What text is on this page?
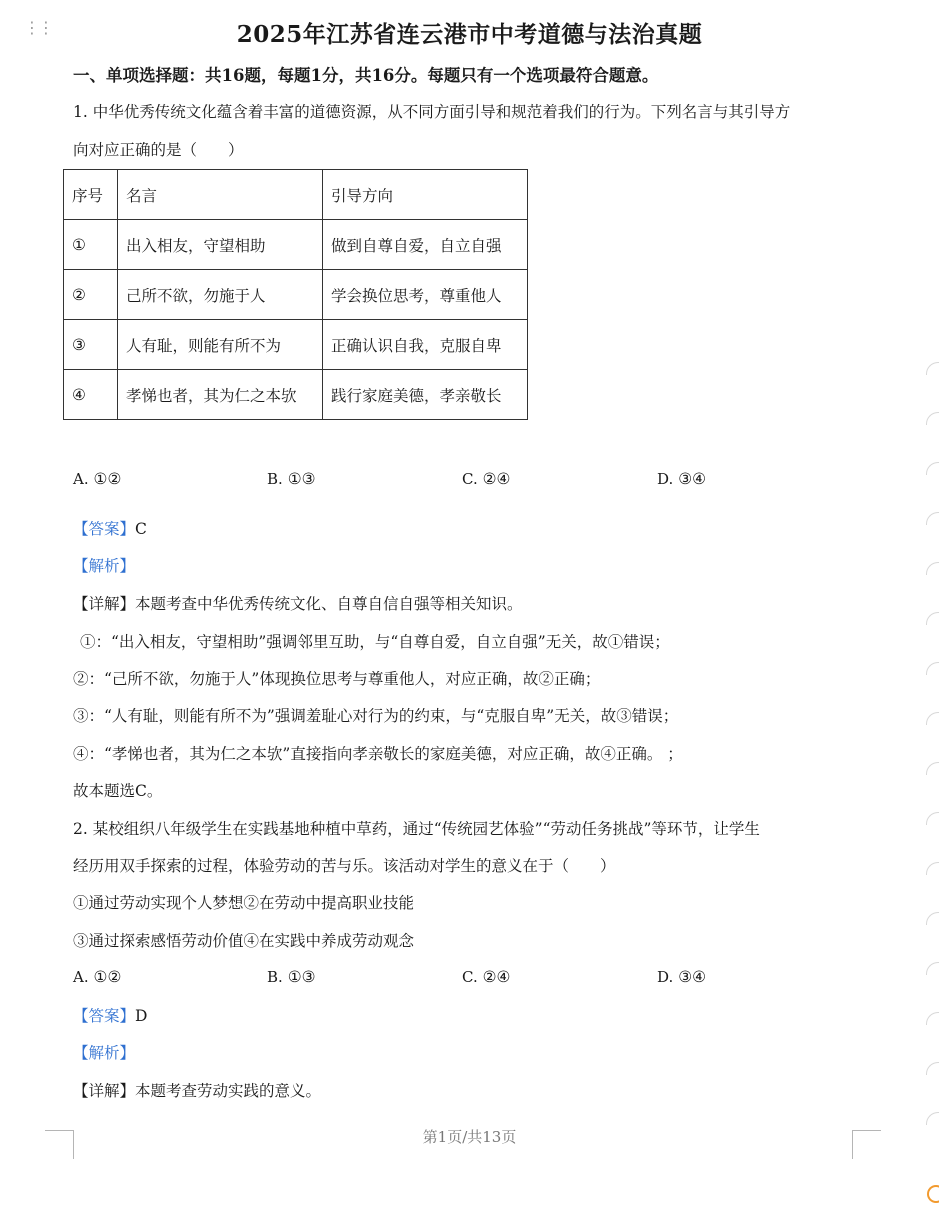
⋮⋮	2025年江苏省连云港市中考道德与法治真题
一、单项选择题：共16题，每题1分，共16分。每题只有一个选项最符合题意。
1. 中华优秀传统文化蕴含着丰富的道德资源，从不同方面引导和规范着我们的行为。下列名言与其引导方
向对应正确的是（　　）
序号	名言	引导方向
①	出入相友，守望相助	做到自尊自爱，自立自强
②	己所不欲，勿施于人	学会换位思考，尊重他人
③	人有耻，则能有所不为	正确认识自我，克服自卑
④	孝悌也者，其为仁之本欤	践行家庭美德，孝亲敬长
A. ①②	B. ①③	C. ②④	D. ③④
【答案】C
【解析】
【详解】本题考查中华优秀传统文化、自尊自信自强等相关知识。
①：“出入相友，守望相助”强调邻里互助，与“自尊自爱，自立自强”无关，故①错误；
②：“己所不欲，勿施于人”体现换位思考与尊重他人，对应正确，故②正确；
③：“人有耻，则能有所不为”强调羞耻心对行为的约束，与“克服自卑”无关，故③错误；
④：“孝悌也者，其为仁之本欤”直接指向孝亲敬长的家庭美德，对应正确，故④正确。 ；
故本题选C。
2. 某校组织八年级学生在实践基地种植中草药，通过“传统园艺体验”“劳动任务挑战”等环节，让学生
经历用双手探索的过程，体验劳动的苦与乐。该活动对学生的意义在于（　　）
①通过劳动实现个人梦想②在劳动中提高职业技能
③通过探索感悟劳动价值④在实践中养成劳动观念
A. ①②	B. ①③	C. ②④	D. ③④
【答案】D
【解析】
【详解】本题考查劳动实践的意义。
第1页/共13页
